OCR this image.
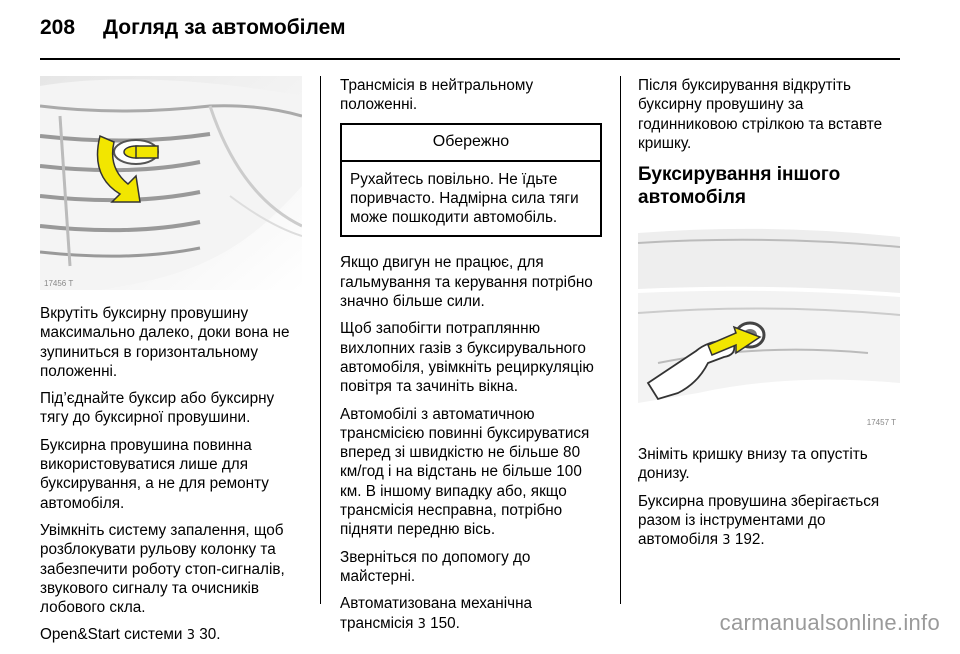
208 Догляд за автомобілем
17456 T

Вкрутіть буксирну провушину максимально далеко, доки вона не зупиниться в горизонтальному положенні.

Під’єднайте буксир або буксирну тягу до буксирної провушини.

Буксирна провушина повинна використовуватися лише для буксирування, а не для ремонту автомобіля.

Увімкніть систему запалення, щоб розблокувати рульову колонку та забезпечити роботу стоп-сигналів, звукового сигналу та очисників лобового скла.

Open&Start системи 3 30.

Трансмісія в нейтральному положенні.

Обережно
Рухайтесь повільно. Не їдьте поривчасто. Надмірна сила тяги може пошкодити автомобіль.

Якщо двигун не працює, для гальмування та керування потрібно значно більше сили.

Щоб запобігти потраплянню вихлопних газів з буксирувального автомобіля, увімкніть рециркуляцію повітря та зачиніть вікна.

Автомобілі з автоматичною трансмісією повинні буксируватися вперед зі швидкістю не більше 80 км/год і на відстань не більше 100 км. В іншому випадку або, якщо трансмісія несправна, потрібно підняти передню вісь.

Зверніться по допомогу до майстерні.

Автоматизована механічна трансмісія 3 150.

Після буксирування відкрутіть буксирну провушину за годинниковою стрілкою та вставте кришку.

Буксирування іншого автомобіля
17457 T

Зніміть кришку внизу та опустіть донизу.

Буксирна провушина зберігається разом із інструментами до автомобіля 3 192.

carmanualsonline.info
